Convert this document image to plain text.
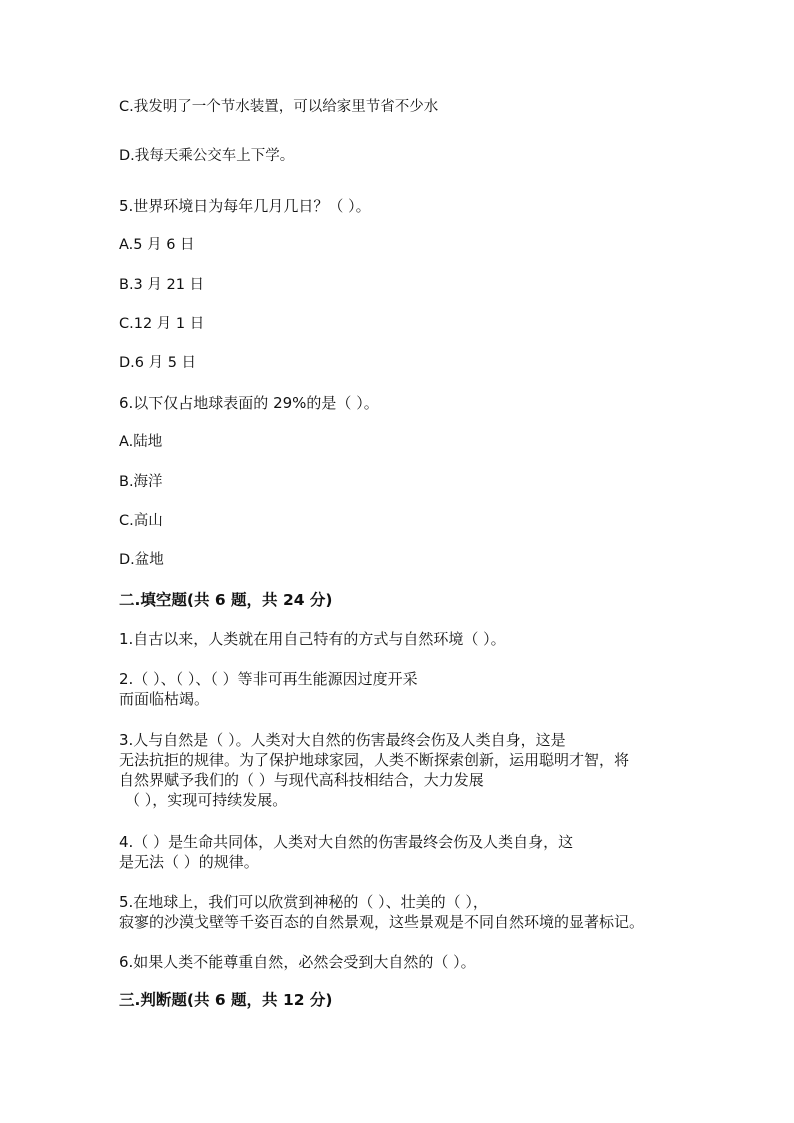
C.我发明了一个节水装置，可以给家里节省不少水
D.我每天乘公交车上下学。
5.世界环境日为每年几月几日？（ ）。
A.5 月 6 日
B.3 月 21 日
C.12 月 1 日
D.6 月 5 日
6.以下仅占地球表面的 29%的是（ ）。
A.陆地
B.海洋
C.高山
D.盆地
二.填空题(共 6 题，共 24 分)
1.自古以来，人类就在用自己特有的方式与自然环境（ ）。
2.（ ）、（ ）、（ ）等非可再生能源因过度开采
而面临枯竭。
3.人与自然是（ ）。人类对大自然的伤害最终会伤及人类自身，这是
无法抗拒的规律。为了保护地球家园，人类不断探索创新，运用聪明才智，将
自然界赋予我们的（ ）与现代高科技相结合，大力发展
（ ），实现可持续发展。
4.（ ）是生命共同体，人类对大自然的伤害最终会伤及人类自身，这
是无法（ ）的规律。
5.在地球上，我们可以欣赏到神秘的（ ）、壮美的（ ），
寂寥的沙漠戈壁等千姿百态的自然景观，这些景观是不同自然环境的显著标记。
6.如果人类不能尊重自然，必然会受到大自然的（ ）。
三.判断题(共 6 题，共 12 分)
